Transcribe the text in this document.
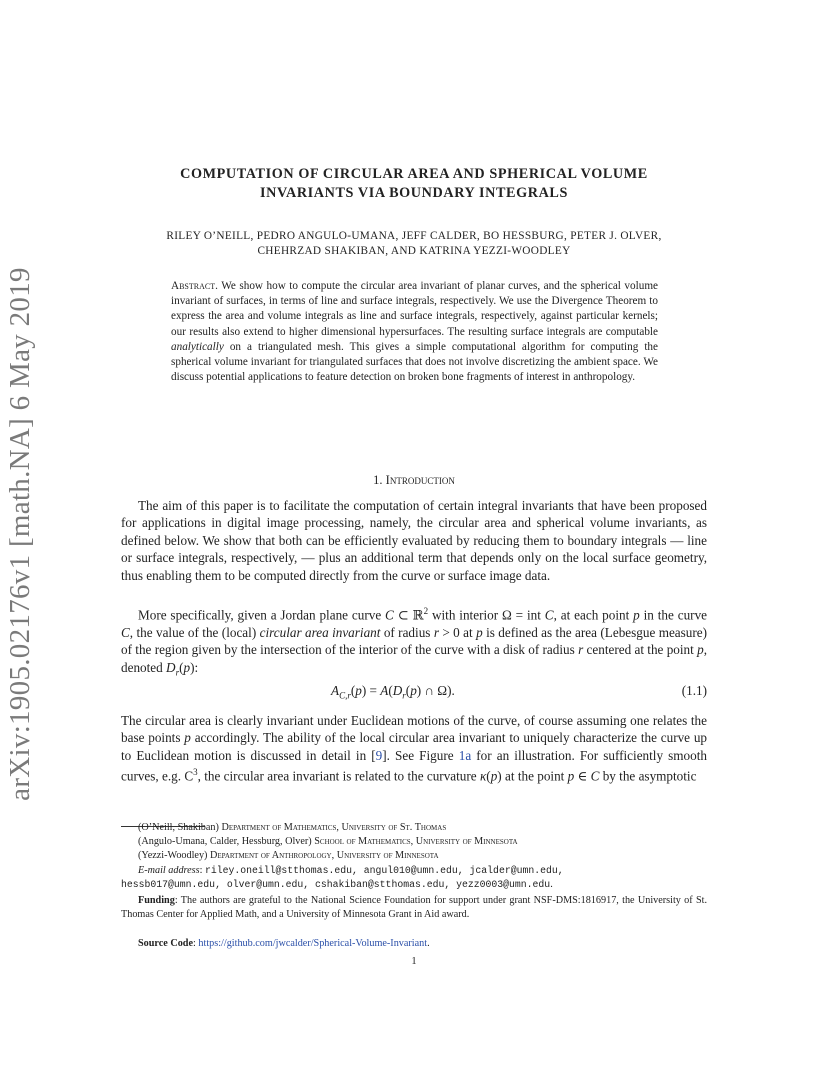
arXiv:1905.02176v1 [math.NA] 6 May 2019
COMPUTATION OF CIRCULAR AREA AND SPHERICAL VOLUME
INVARIANTS VIA BOUNDARY INTEGRALS
RILEY O’NEILL, PEDRO ANGULO-UMANA, JEFF CALDER, BO HESSBURG, PETER J. OLVER,
CHEHRZAD SHAKIBAN, AND KATRINA YEZZI-WOODLEY
Abstract. We show how to compute the circular area invariant of planar curves, and the spherical volume invariant of surfaces, in terms of line and surface integrals, respectively. We use the Divergence Theorem to express the area and volume integrals as line and surface integrals, respectively, against particular kernels; our results also extend to higher dimensional hypersurfaces. The resulting surface integrals are computable analytically on a triangulated mesh. This gives a simple computational algorithm for computing the spherical volume invariant for triangulated surfaces that does not involve discretizing the ambient space. We discuss potential applications to feature detection on broken bone fragments of interest in anthropology.
1. Introduction
The aim of this paper is to facilitate the computation of certain integral invariants that have been proposed for applications in digital image processing, namely, the circular area and spherical volume invariants, as defined below. We show that both can be efficiently evaluated by reducing them to boundary integrals — line or surface integrals, respectively, — plus an additional term that depends only on the local surface geometry, thus enabling them to be computed directly from the curve or surface image data.
More specifically, given a Jordan plane curve C ⊂ ℝ$^2$ with interior Ω = int C, at each point p in the curve C, the value of the (local) circular area invariant of radius r > 0 at p is defined as the area (Lebesgue measure) of the region given by the intersection of the interior of the curve with a disk of radius r centered at the point p, denoted $D_r(p)$:
$A_{C,r}(p) = A(D_r(p)$ ∩ Ω).	(1.1)
The circular area is clearly invariant under Euclidean motions of the curve, of course assuming one relates the base points p accordingly. The ability of the local circular area invariant to uniquely characterize the curve up to Euclidean motion is discussed in detail in [9]. See Figure 1a for an illustration. For sufficiently smooth curves, e.g. $C^3$, the circular area invariant is related to the curvature κ(p) at the point p ∈ C by the asymptotic
(O’Neill, Shakiban) Department of Mathematics, University of St. Thomas
(Angulo-Umana, Calder, Hessburg, Olver) School of Mathematics, University of Minnesota
(Yezzi-Woodley) Department of Anthropology, University of Minnesota
E-mail address: riley.oneill@stthomas.edu, angul010@umn.edu, jcalder@umn.edu,
hessb017@umn.edu, olver@umn.edu, cshakiban@stthomas.edu, yezz0003@umn.edu.
Funding: The authors are grateful to the National Science Foundation for support under grant NSF-DMS:1816917, the University of St. Thomas Center for Applied Math, and a University of Minnesota Grant in Aid award.
Source Code: https://github.com/jwcalder/Spherical-Volume-Invariant.
1
